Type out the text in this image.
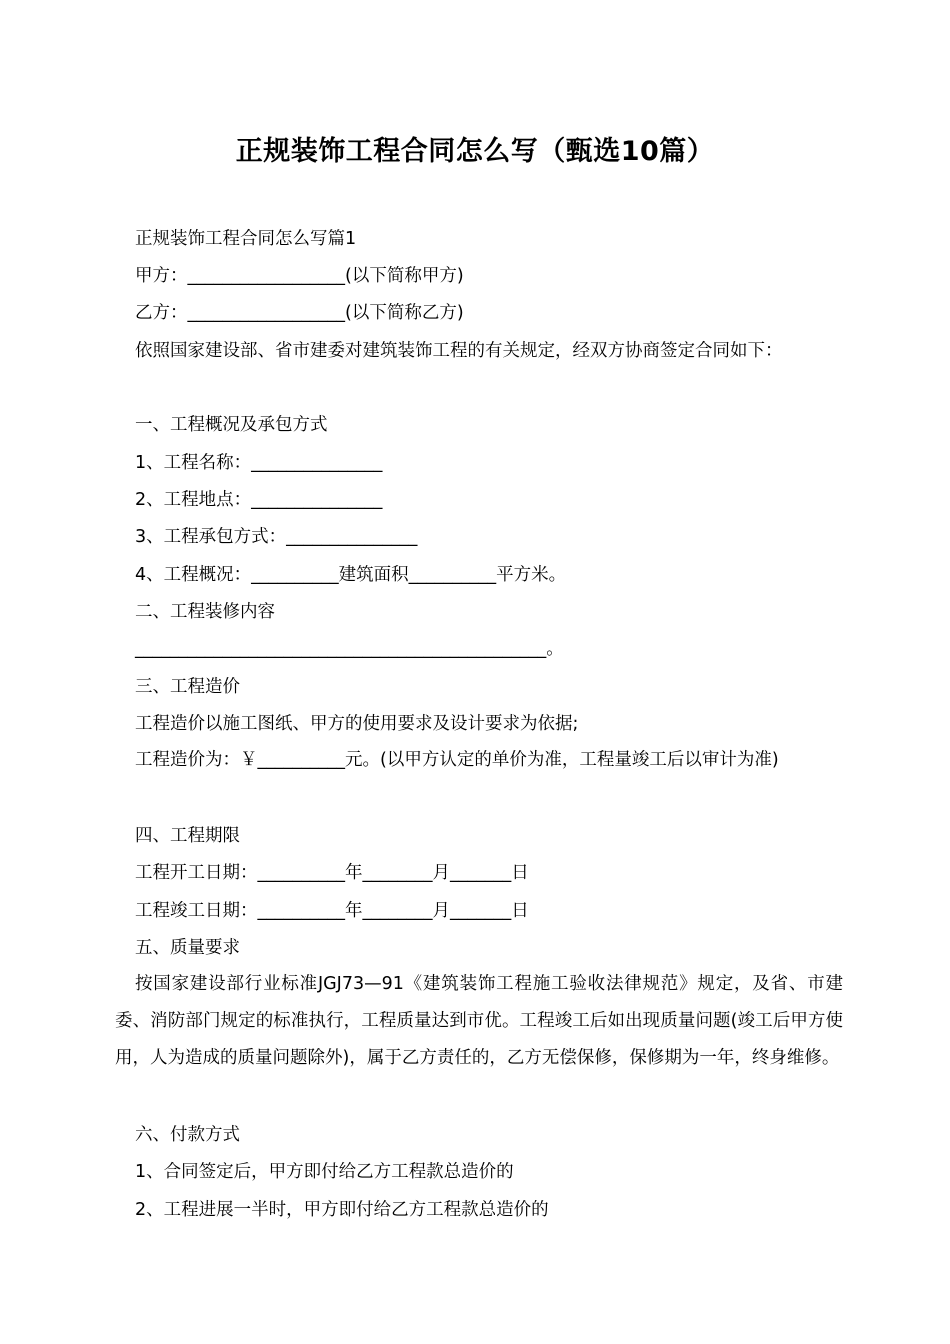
正规装饰工程合同怎么写（甄选10篇）
正规装饰工程合同怎么写篇1
甲方：__________________(以下简称甲方)
乙方：__________________(以下简称乙方)
依照国家建设部、省市建委对建筑装饰工程的有关规定，经双方协商签定合同如下：
一、工程概况及承包方式
1、工程名称：_______________
2、工程地点：_______________
3、工程承包方式：_______________
4、工程概况：__________建筑面积__________平方米。
二、工程装修内容
_______________________________________________。
三、工程造价
工程造价以施工图纸、甲方的使用要求及设计要求为依据;
工程造价为：￥__________元。(以甲方认定的单价为准，工程量竣工后以审计为准)
四、工程期限
工程开工日期：__________年________月_______日
工程竣工日期：__________年________月_______日
五、质量要求
按国家建设部行业标准JGJ73—91《建筑装饰工程施工验收法律规范》规定，及省、市建委、消防部门规定的标准执行，工程质量达到市优。工程竣工后如出现质量问题(竣工后甲方使用，人为造成的质量问题除外)，属于乙方责任的，乙方无偿保修，保修期为一年，终身维修。
六、付款方式
1、合同签定后，甲方即付给乙方工程款总造价的
2、工程进展一半时，甲方即付给乙方工程款总造价的
